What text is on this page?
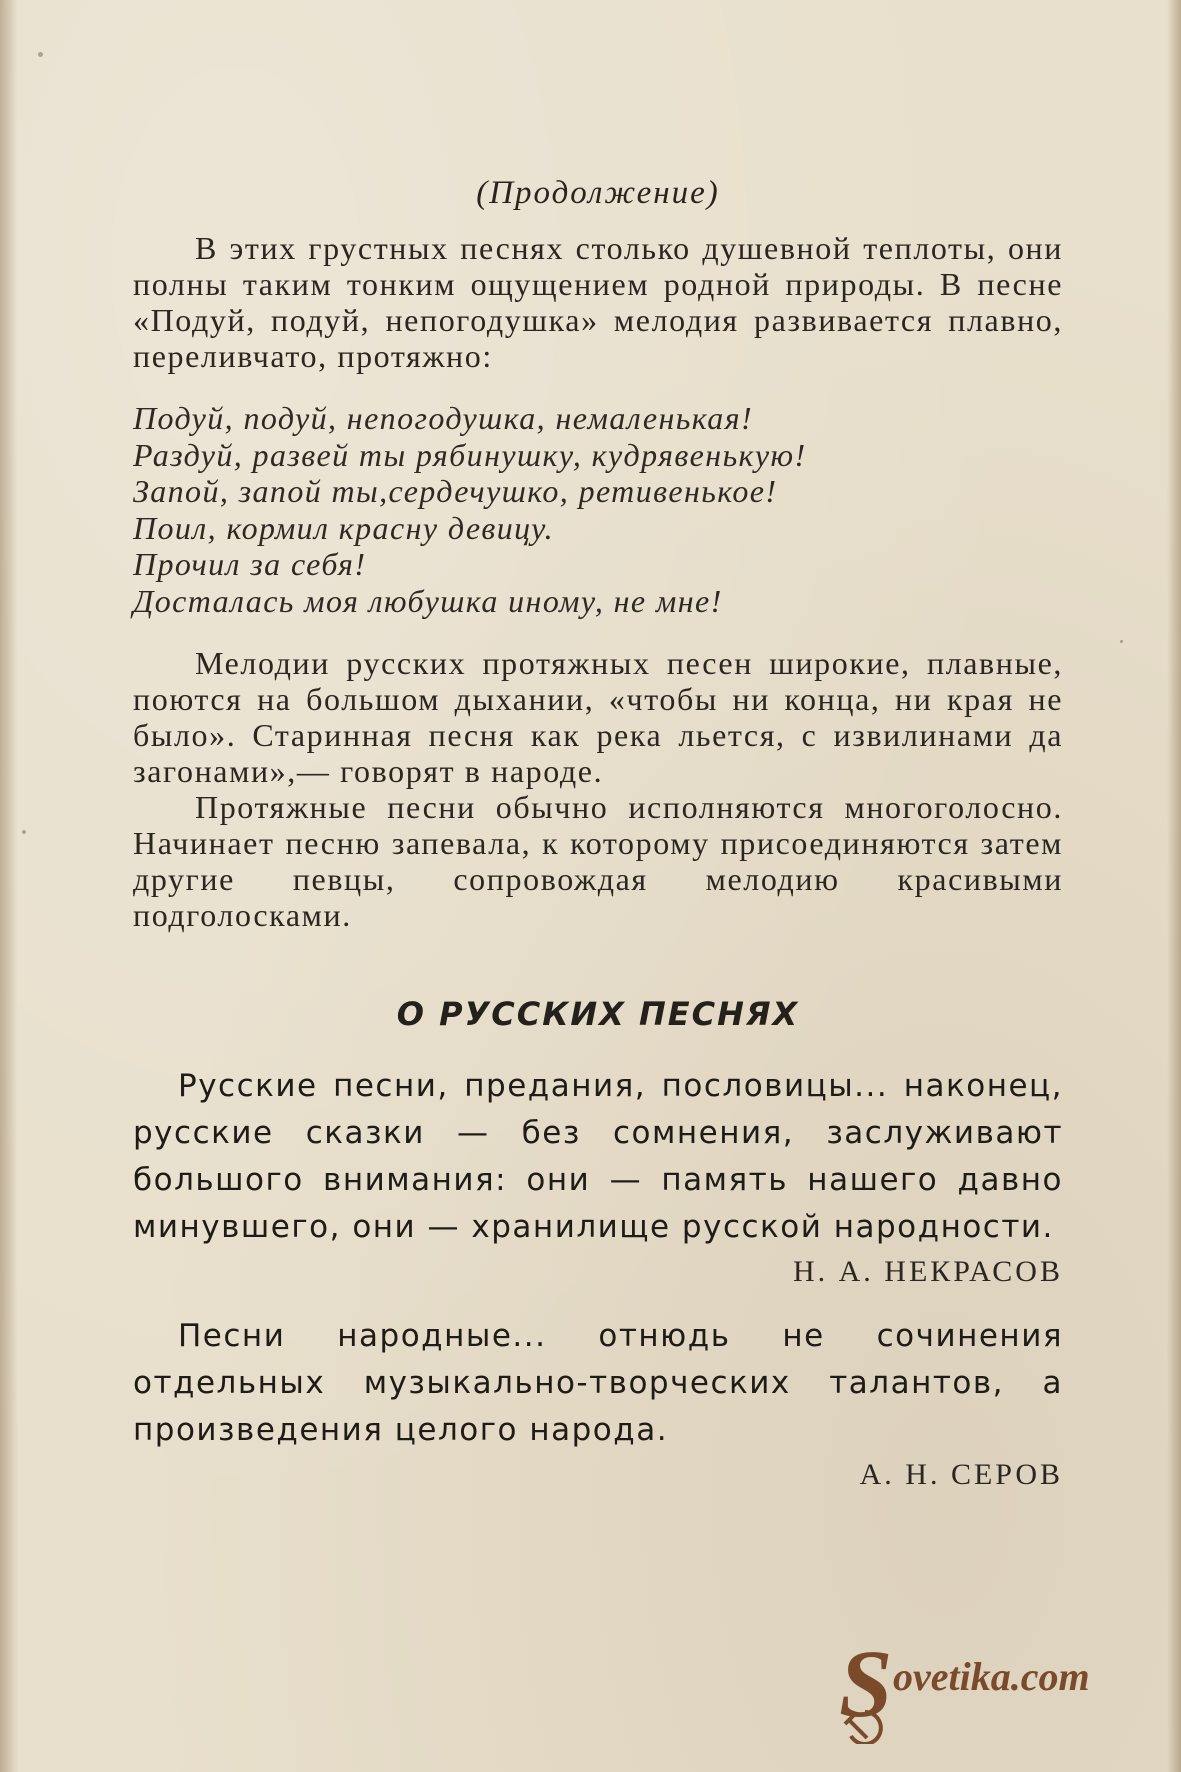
(Продолжение)

В этих грустных песнях столько душевной теплоты, они полны таким тонким ощущением родной природы. В песне «Подуй, подуй, непогодушка» мелодия развивается плавно, переливчато, протяжно:

Подуй, подуй, непогодушка, немаленькая!
Раздуй, развей ты рябинушку, кудрявенькую!
Запой, запой ты,сердечушко, ретивенькое!
Поил, кормил красну девицу.
Прочил за себя!
Досталась моя любушка иному, не мне!

Мелодии русских протяжных песен широкие, плавные, поются на большом дыхании, «чтобы ни конца, ни края не было». Старинная песня как река льется, с извилинами да загонами»,— говорят в народе.

Протяжные песни обычно исполняются многоголосно. Начинает песню запевала, к которому присоединяются затем другие певцы, сопровождая мелодию красивыми подголосками.

О РУССКИХ ПЕСНЯХ

Русские песни, предания, пословицы... наконец, русские сказки — без сомнения, заслуживают большого внимания: они — память нашего давно минувшего, они — хранилище русской народности.

Н. А. НЕКРАСОВ

Песни народные... отнюдь не сочинения отдельных музыкально-творческих талантов, а произведения целого народа.

А. Н. СЕРОВ
S ovetika.com
